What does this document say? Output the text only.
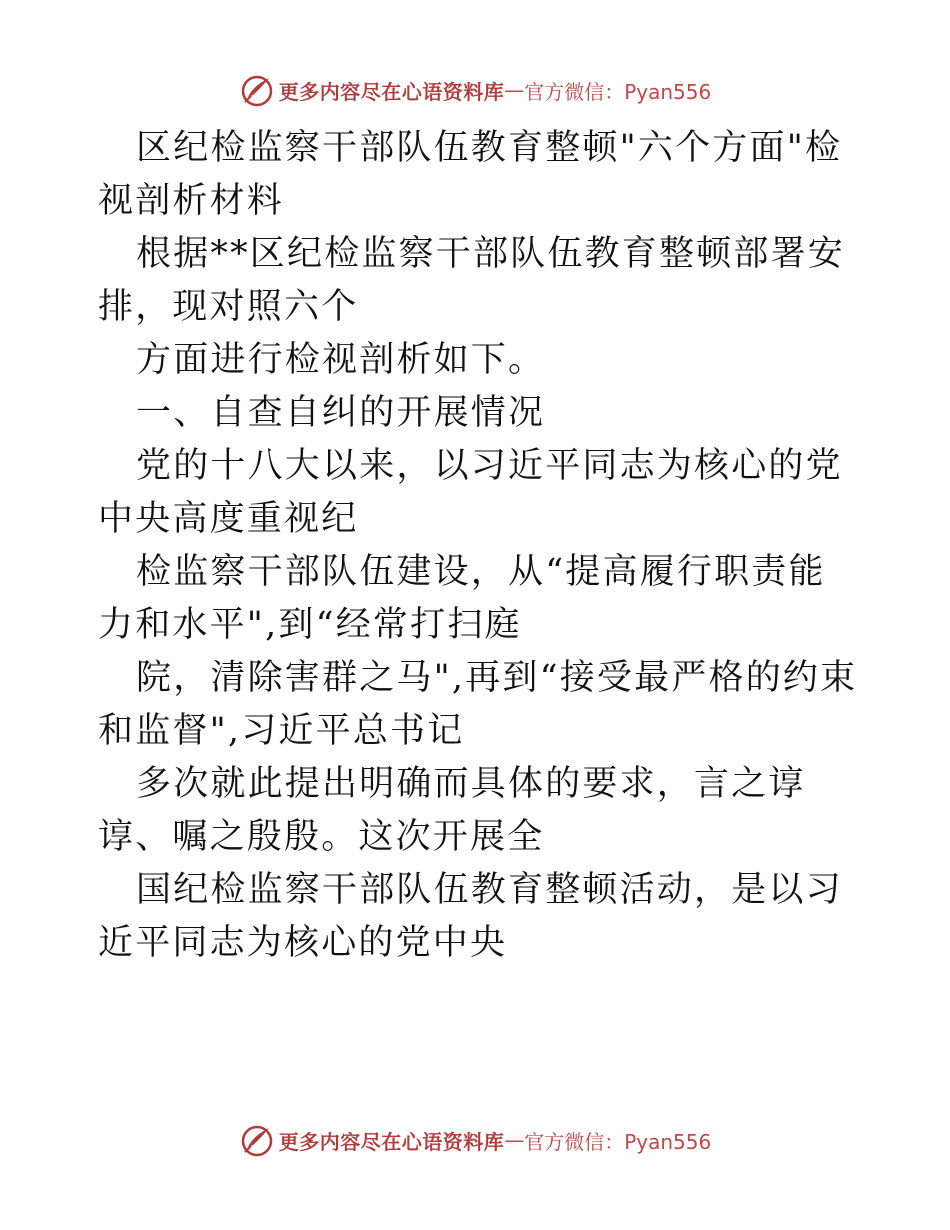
更多内容尽在心语资料库 — 官方微信：Pyan556

区纪检监察干部队伍教育整顿"六个方面"检视剖析材料

根据**区纪检监察干部队伍教育整顿部署安排，现对照六个

方面进行检视剖析如下。

一、自查自纠的开展情况

党的十八大以来，以习近平同志为核心的党中央高度重视纪

检监察干部队伍建设，从“提高履行职责能力和水平",到“经常打扫庭

院，清除害群之马",再到“接受最严格的约束和监督",习近平总书记

多次就此提出明确而具体的要求，言之谆谆、嘱之殷殷。这次开展全

国纪检监察干部队伍教育整顿活动，是以习近平同志为核心的党中央

更多内容尽在心语资料库 — 官方微信：Pyan556
